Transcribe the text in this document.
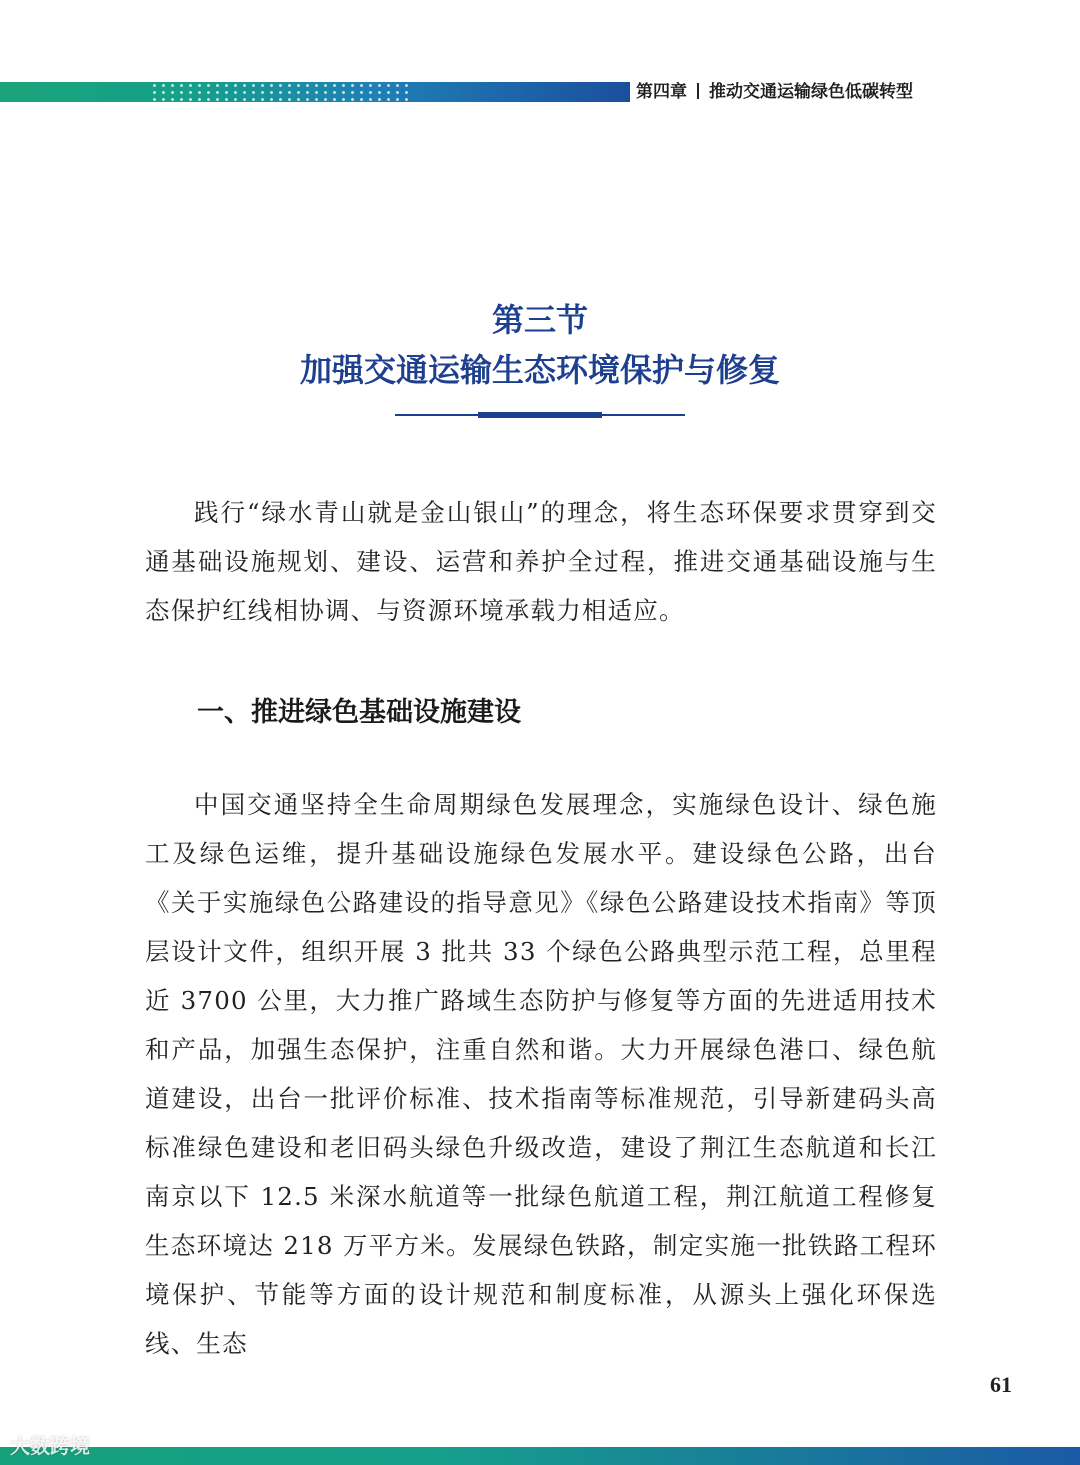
第四章 推动交通运输绿色低碳转型
第三节
加强交通运输生态环境保护与修复

践行“绿水青山就是金山银山”的理念，将生态环保要求贯穿到交通基础设施规划、建设、运营和养护全过程，推进交通基础设施与生态保护红线相协调、与资源环境承载力相适应。

一、推进绿色基础设施建设

中国交通坚持全生命周期绿色发展理念，实施绿色设计、绿色施工及绿色运维，提升基础设施绿色发展水平。建设绿色公路，出台《关于实施绿色公路建设的指导意见》《绿色公路建设技术指南》等顶层设计文件，组织开展 3 批共 33 个绿色公路典型示范工程，总里程近 3700 公里，大力推广路域生态防护与修复等方面的先进适用技术和产品，加强生态保护，注重自然和谐。大力开展绿色港口、绿色航道建设，出台一批评价标准、技术指南等标准规范，引导新建码头高标准绿色建设和老旧码头绿色升级改造，建设了荆江生态航道和长江南京以下 12.5 米深水航道等一批绿色航道工程，荆江航道工程修复生态环境达 218 万平方米。发展绿色铁路，制定实施一批铁路工程环境保护、节能等方面的设计规范和制度标准，从源头上强化环保选线、生态

61
大数跨境
